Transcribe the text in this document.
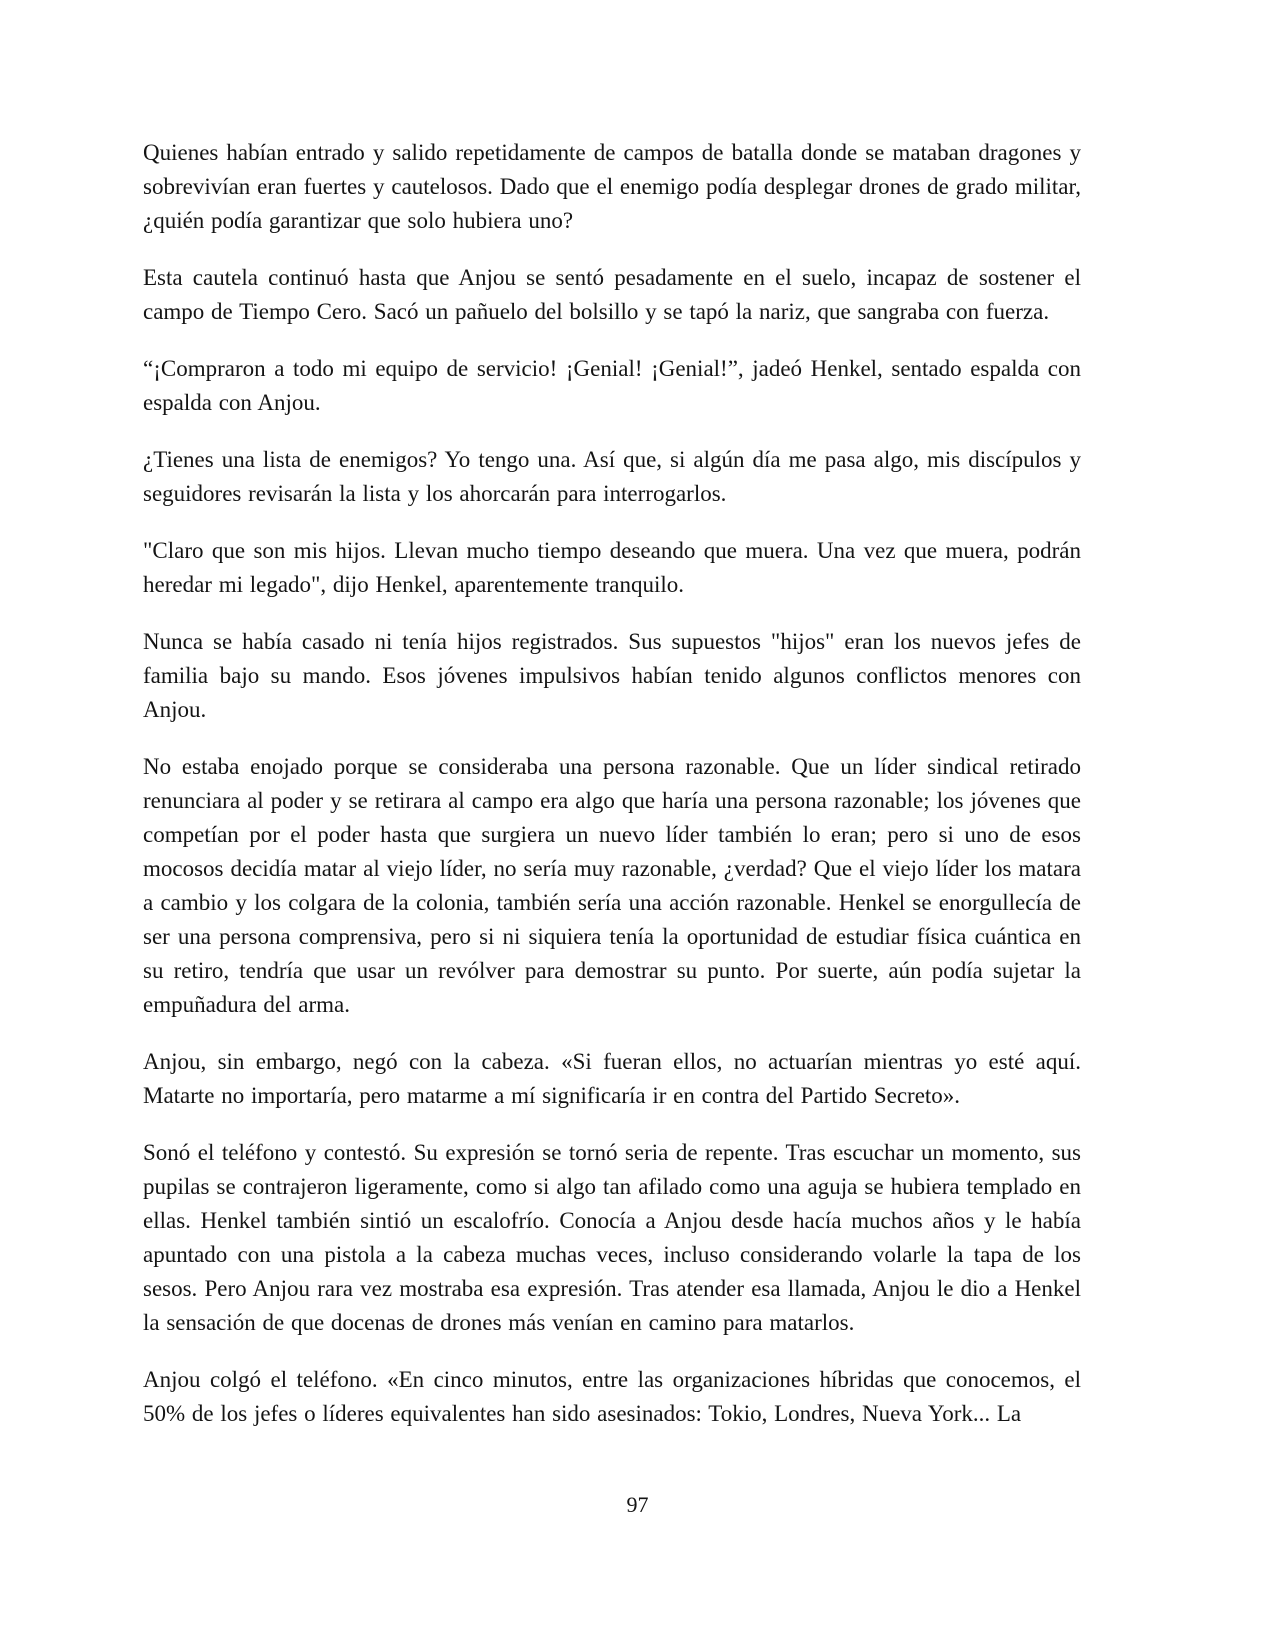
Quienes habían entrado y salido repetidamente de campos de batalla donde se mataban dragones y sobrevivían eran fuertes y cautelosos. Dado que el enemigo podía desplegar drones de grado militar, ¿quién podía garantizar que solo hubiera uno?

Esta cautela continuó hasta que Anjou se sentó pesadamente en el suelo, incapaz de sostener el campo de Tiempo Cero. Sacó un pañuelo del bolsillo y se tapó la nariz, que sangraba con fuerza.

“¡Compraron a todo mi equipo de servicio! ¡Genial! ¡Genial!”, jadeó Henkel, sentado espalda con espalda con Anjou.

¿Tienes una lista de enemigos? Yo tengo una. Así que, si algún día me pasa algo, mis discípulos y seguidores revisarán la lista y los ahorcarán para interrogarlos.

"Claro que son mis hijos. Llevan mucho tiempo deseando que muera. Una vez que muera, podrán heredar mi legado", dijo Henkel, aparentemente tranquilo.

Nunca se había casado ni tenía hijos registrados. Sus supuestos "hijos" eran los nuevos jefes de familia bajo su mando. Esos jóvenes impulsivos habían tenido algunos conflictos menores con Anjou.

No estaba enojado porque se consideraba una persona razonable. Que un líder sindical retirado renunciara al poder y se retirara al campo era algo que haría una persona razonable; los jóvenes que competían por el poder hasta que surgiera un nuevo líder también lo eran; pero si uno de esos mocosos decidía matar al viejo líder, no sería muy razonable, ¿verdad? Que el viejo líder los matara a cambio y los colgara de la colonia, también sería una acción razonable. Henkel se enorgullecía de ser una persona comprensiva, pero si ni siquiera tenía la oportunidad de estudiar física cuántica en su retiro, tendría que usar un revólver para demostrar su punto. Por suerte, aún podía sujetar la empuñadura del arma.

Anjou, sin embargo, negó con la cabeza. «Si fueran ellos, no actuarían mientras yo esté aquí. Matarte no importaría, pero matarme a mí significaría ir en contra del Partido Secreto».

Sonó el teléfono y contestó. Su expresión se tornó seria de repente. Tras escuchar un momento, sus pupilas se contrajeron ligeramente, como si algo tan afilado como una aguja se hubiera templado en ellas. Henkel también sintió un escalofrío. Conocía a Anjou desde hacía muchos años y le había apuntado con una pistola a la cabeza muchas veces, incluso considerando volarle la tapa de los sesos. Pero Anjou rara vez mostraba esa expresión. Tras atender esa llamada, Anjou le dio a Henkel la sensación de que docenas de drones más venían en camino para matarlos.

Anjou colgó el teléfono. «En cinco minutos, entre las organizaciones híbridas que conocemos, el 50% de los jefes o líderes equivalentes han sido asesinados: Tokio, Londres, Nueva York... La

97
